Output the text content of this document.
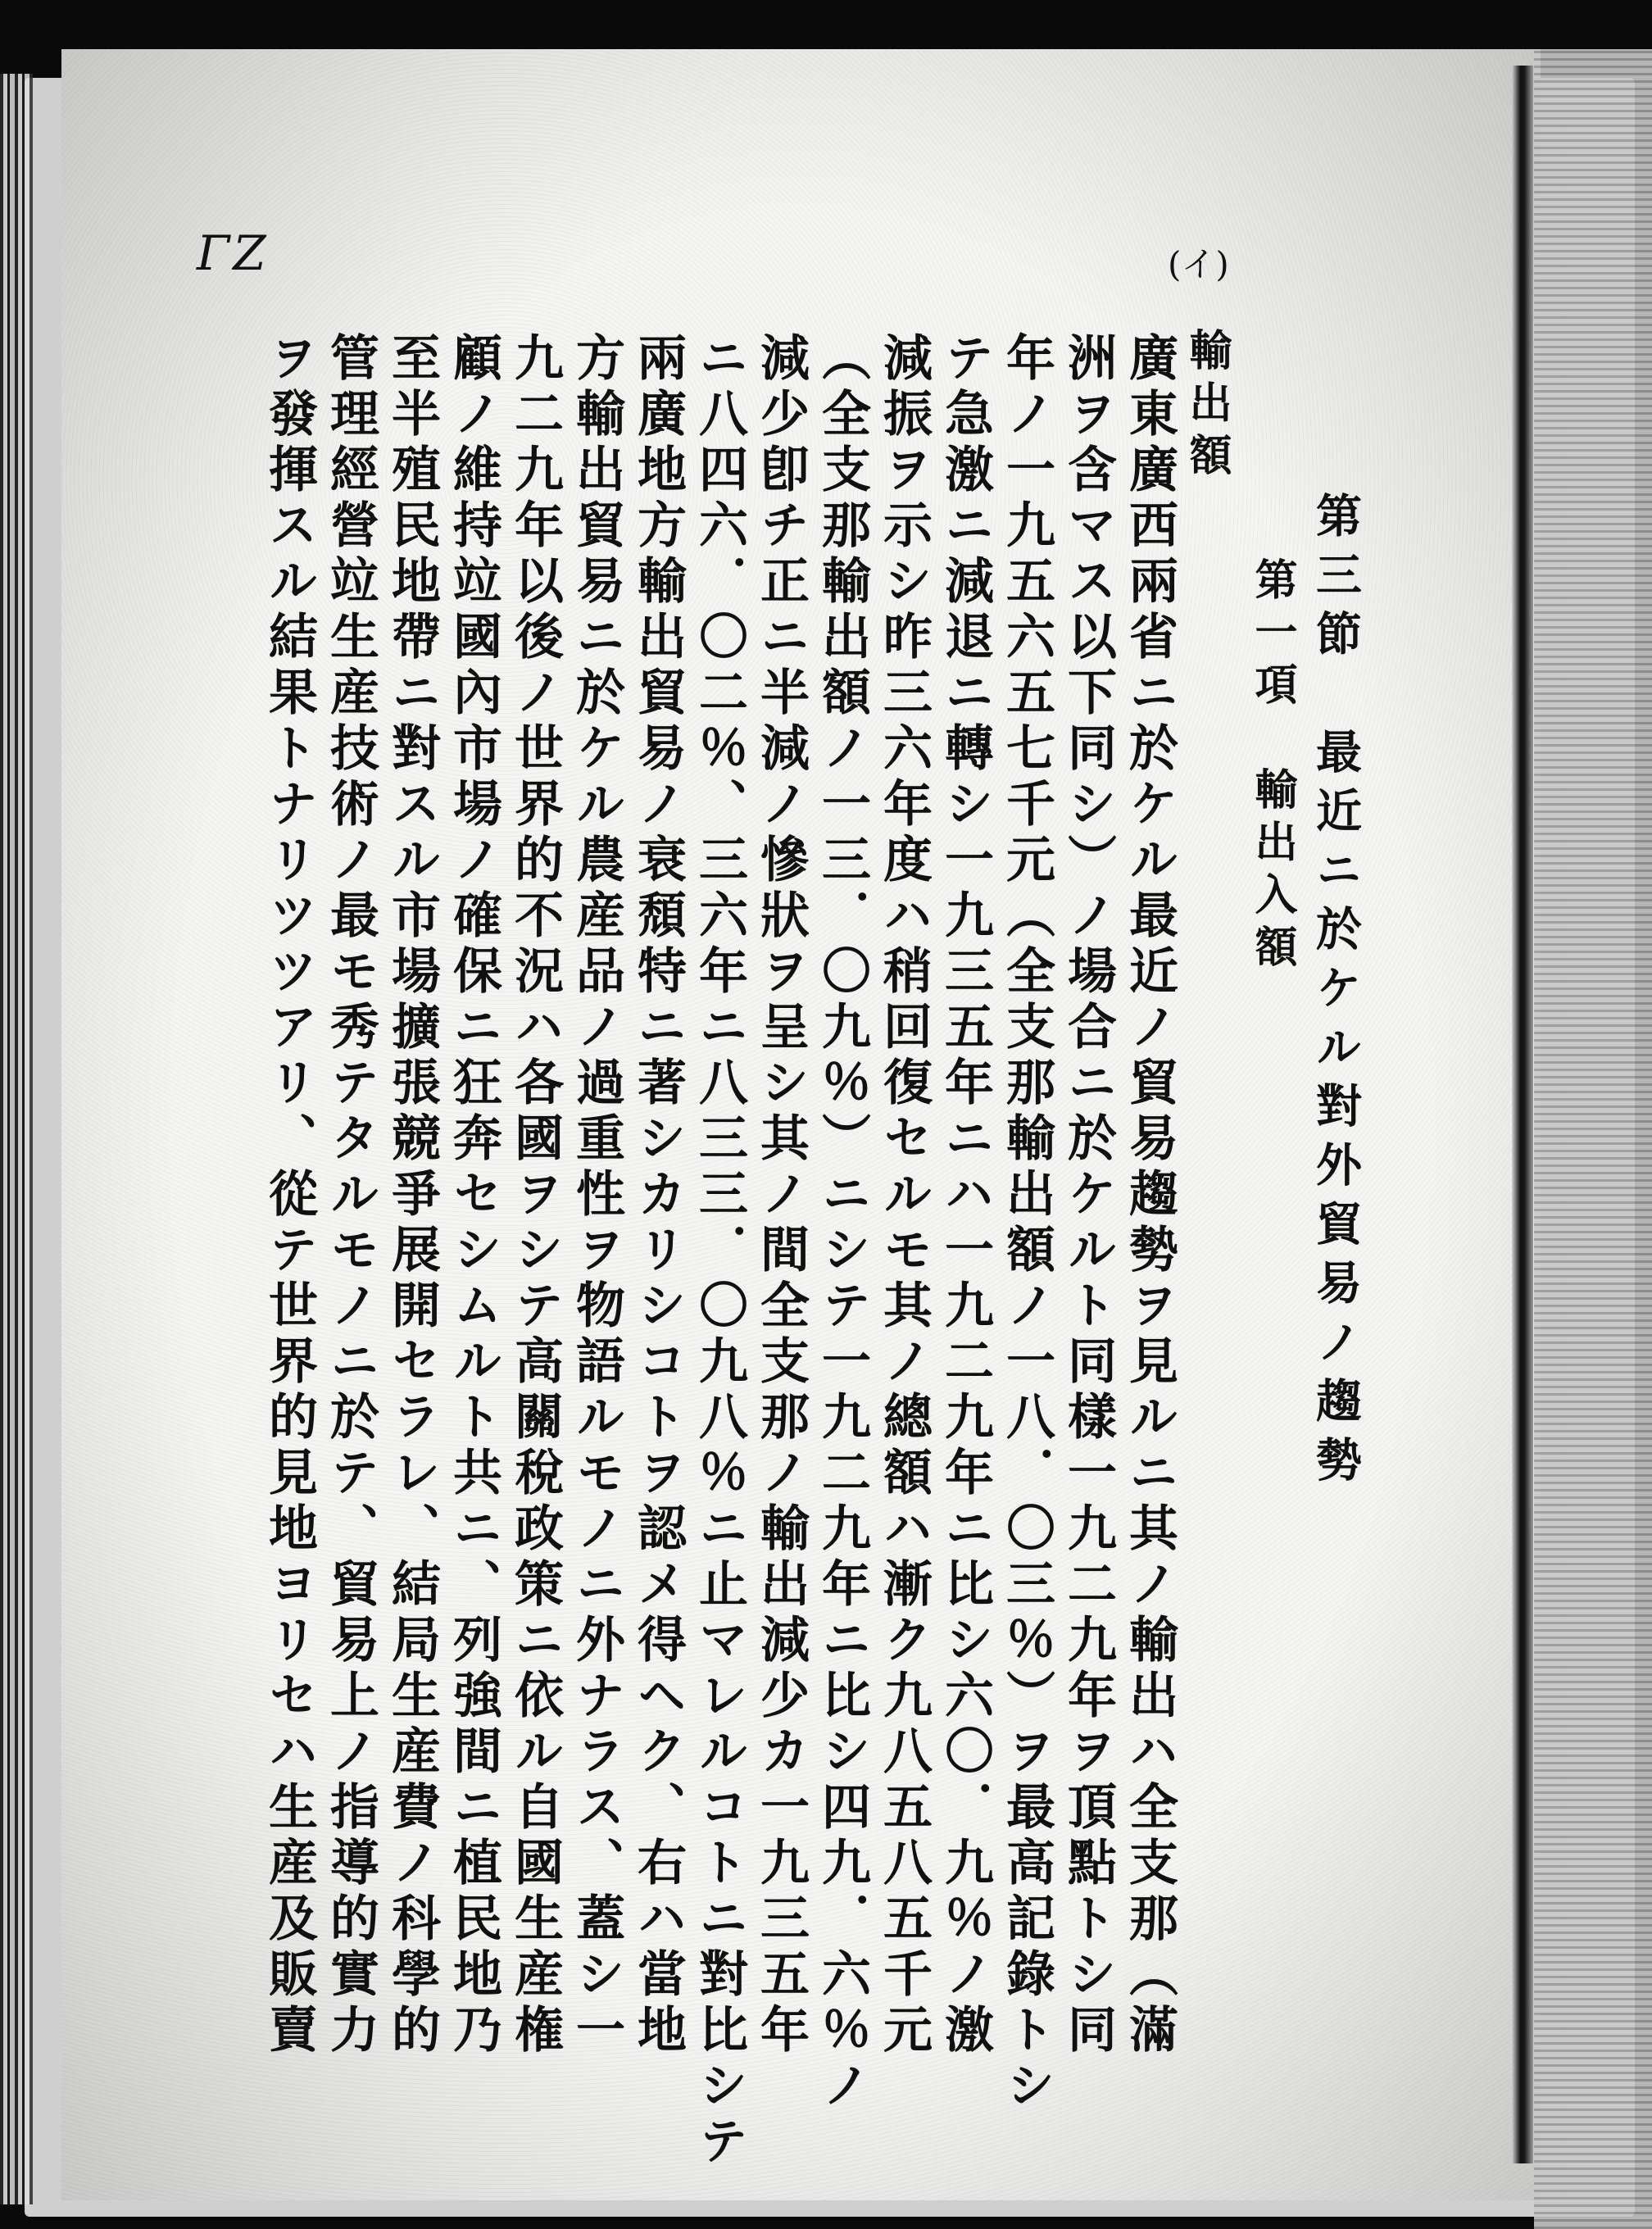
ΓZ	(イ)
第三節　最近ニ於ケル對外貿易ノ趨勢
第一項　輸出入額
輸出額
廣東廣西兩省ニ於ケル最近ノ貿易趨勢ヲ見ルニ其ノ輸出ハ全支那（滿
洲ヲ含マス以下同シ）ノ場合ニ於ケルト同樣一九二九年ヲ頂點トシ同
年ノ一九五六五七千元（全支那輸出額ノ一八．〇三％）ヲ最高記錄トシ
テ急激ニ減退ニ轉シ一九三五年ニハ一九二九年ニ比シ六〇．九％ノ激
減振ヲ示シ昨三六年度ハ稍回復セルモ其ノ總額ハ漸ク九八五八五千元
（全支那輸出額ノ一三．〇九％）ニシテ一九二九年ニ比シ四九．六％ノ
減少卽チ正ニ半減ノ慘狀ヲ呈シ其ノ間全支那ノ輸出減少カ一九三五年
ニ八四六．〇二％、三六年ニ八三三．〇九八％ニ止マレルコトニ對比シテ
兩廣地方輸出貿易ノ衰頹特ニ著シカリシコトヲ認メ得ヘク、右ハ當地
方輸出貿易ニ於ケル農産品ノ過重性ヲ物語ルモノニ外ナラス、蓋シ一
九二九年以後ノ世界的不況ハ各國ヲシテ高關稅政策ニ依ル自國生産権
顧ノ維持竝國內市場ノ確保ニ狂奔セシムルト共ニ、列強間ニ植民地乃
至半殖民地帶ニ對スル市場擴張競爭展開セラレ、結局生産費ノ科學的
管理經營竝生産技術ノ最モ秀テタルモノニ於テ、貿易上ノ指導的實力
ヲ發揮スル結果トナリツツアリ、從テ世界的見地ヨリセハ生産及販賣
